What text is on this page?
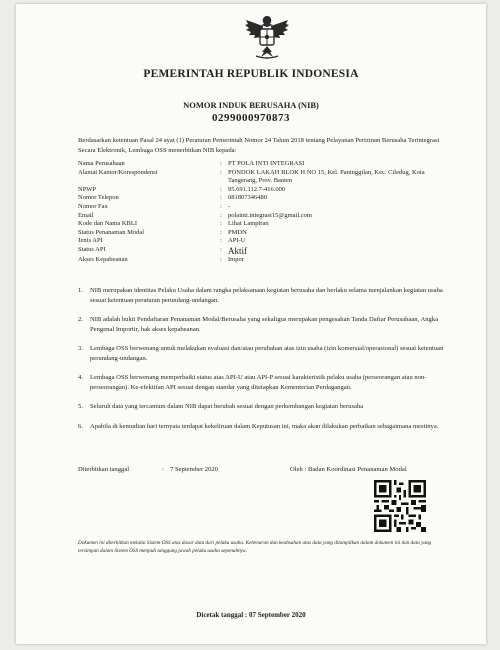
PEMERINTAH REPUBLIK INDONESIA
NOMOR INDUK BERUSAHA (NIB)
0299000970873
Berdasarkan ketentuan Pasal 24 ayat (1) Peraturan Pemerintah Nomor 24 Tahun 2018 tentang Pelayanan Perizinan Berusaha Terintegrasi Secara Elektronik, Lembaga OSS menerbitkan NIB kepada:
Nama Perusahaan	: PT POLA INTI INTEGRASI
Alamat Kantor/Korespondensi	: PONDOK LAKAH BLOK H NO 15, Kel. Paninggilan, Kec. Ciledug, Kota Tangerang, Prov. Banten
NPWP	: 95.691.112.7-416.000
Nomor Telepon	: 081807346480
Nomor Fax	: -
Email	: polainti.integrasi15@gmail.com
Kode dan Nama KBLI	: Lihat Lampiran
Status Penanaman Modal	: PMDN
Jenis API	: API-U
Status API	: Aktif
Akses Kepabeanan	: Impor
1.	NIB merupakan identitas Pelaku Usaha dalam rangka pelaksanaan kegiatan berusaha dan berlaku selama menjalankan kegiatan usaha sesuai ketentuan peraturan perundang-undangan.
2.	NIB adalah bukti Pendaftaran Penanaman Modal/Berusaha yang sekaligus merupakan pengesahan Tanda Daftar Perusahaan, Angka Pengenal Importir, hak akses kepabeanan.
3.	Lembaga OSS berwenang untuk melakukan evaluasi dan/atau perubahan atas izin usaha (izin komersial/operasional) sesuai ketentuan perundang-undangan.
4.	Lembaga OSS berwenang memperbaiki status atas API-U atau API-P sesuai karakteristik pelaku usaha (perseorangan atau non-perseorangan). Ke-efektifan API sesuai dengan standar yang ditetapkan Kementerian Perdagangan.
5.	Seluruh data yang tercantum dalam NIB dapat berubah sesuai dengan perkembangan kegiatan berusaha
6.	Apabila di kemudian hari ternyata terdapat kekeliruan dalam Keputusan ini, maka akan dilakukan perbaikan sebagaimana mestinya.
Diterbitkan tanggal	: 7 September 2020	Oleh : Badan Koordinasi Penanaman Modal
Dokumen ini diterbitkan melalui Sistem OSS atas dasar data dari pelaku usaha. Kebenaran dan keabsahan atas data yang ditampilkan dalam dokumen ini dan data yang tersimpan dalam Sistem OSS menjadi tanggung jawab pelaku usaha sepenuhnya.
Dicetak tanggal : 07 September 2020
